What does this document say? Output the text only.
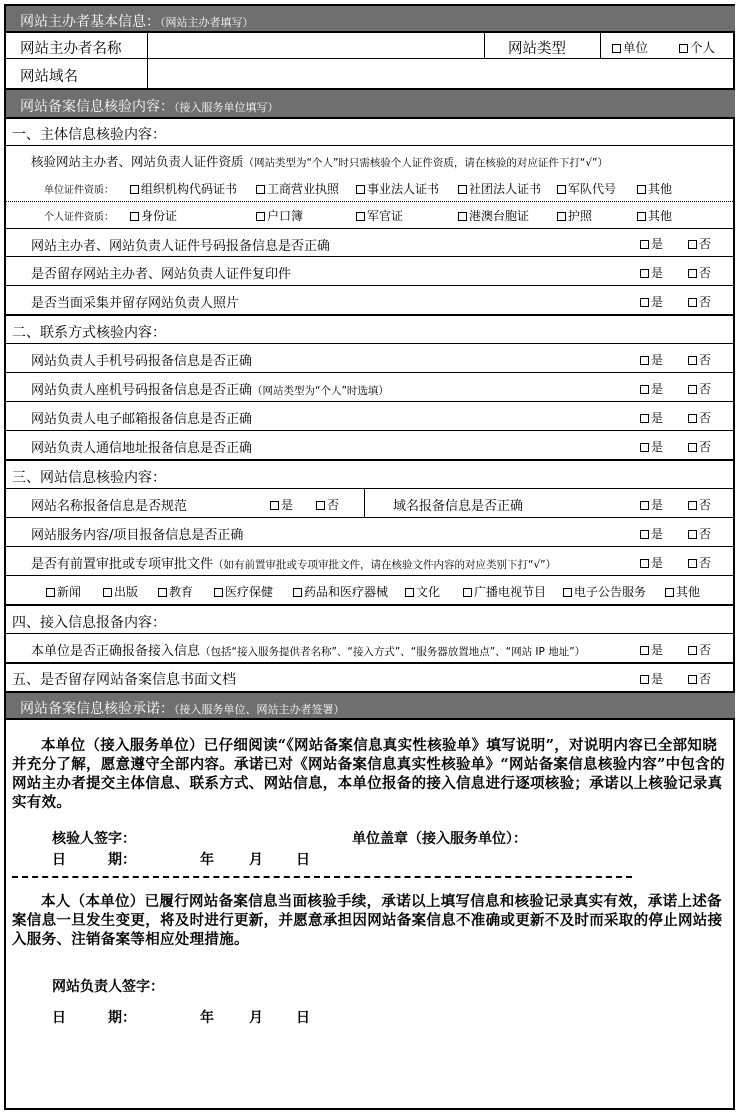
网站主办者基本信息：（网站主办者填写）
网站主办者名称	网站类型	单位	个人
网站域名
网站备案信息核验内容：（接入服务单位填写）
一、主体信息核验内容：
核验网站主办者、网站负责人证件资质（网站类型为“个人”时只需核验个人证件资质，请在核验的对应证件下打“√”）
单位证件资质：	组织机构代码证书	工商营业执照	事业法人证书	社团法人证书	军队代号	其他
个人证件资质：	身份证	户口簿	军官证	港澳台胞证	护照	其他
网站主办者、网站负责人证件号码报备信息是否正确	是	否
是否留存网站主办者、网站负责人证件复印件	是	否
是否当面采集并留存网站负责人照片	是	否
二、联系方式核验内容：
网站负责人手机号码报备信息是否正确	是	否
网站负责人座机号码报备信息是否正确（网站类型为“个人”时选填）	是	否
网站负责人电子邮箱报备信息是否正确	是	否
网站负责人通信地址报备信息是否正确	是	否
三、网站信息核验内容：
网站名称报备信息是否规范	是	否	域名报备信息是否正确	是	否
网站服务内容/项目报备信息是否正确	是	否
是否有前置审批或专项审批文件（如有前置审批或专项审批文件，请在核验文件内容的对应类别下打“√”）	是	否
新闻	出版	教育	医疗保健	药品和医疗器械	文化	广播电视节目	电子公告服务	其他
四、接入信息报备内容：
本单位是否正确报备接入信息（包括“接入服务提供者名称”、“接入方式”、“服务器放置地点”、“网站 IP 地址”）	是	否
五、是否留存网站备案信息书面文档	是	否
网站备案信息核验承诺：（接入服务单位、网站主办者签署）
本单位（接入服务单位）已仔细阅读“《网站备案信息真实性核验单》填写说明”，对说明内容已全部知晓并充分了解，愿意遵守全部内容。承诺已对《网站备案信息真实性核验单》“网站备案信息核验内容”中包含的网站主办者提交主体信息、联系方式、网站信息，本单位报备的接入信息进行逐项核验；承诺以上核验记录真实有效。
核验人签字：	单位盖章（接入服务单位）：
日　　　期：	年	月 日
本人（本单位）已履行网站备案信息当面核验手续，承诺以上填写信息和核验记录真实有效，承诺上述备案信息一旦发生变更，将及时进行更新，并愿意承担因网站备案信息不准确或更新不及时而采取的停止网站接入服务、注销备案等相应处理措施。
网站负责人签字：
日　　　期：	年	月 日
